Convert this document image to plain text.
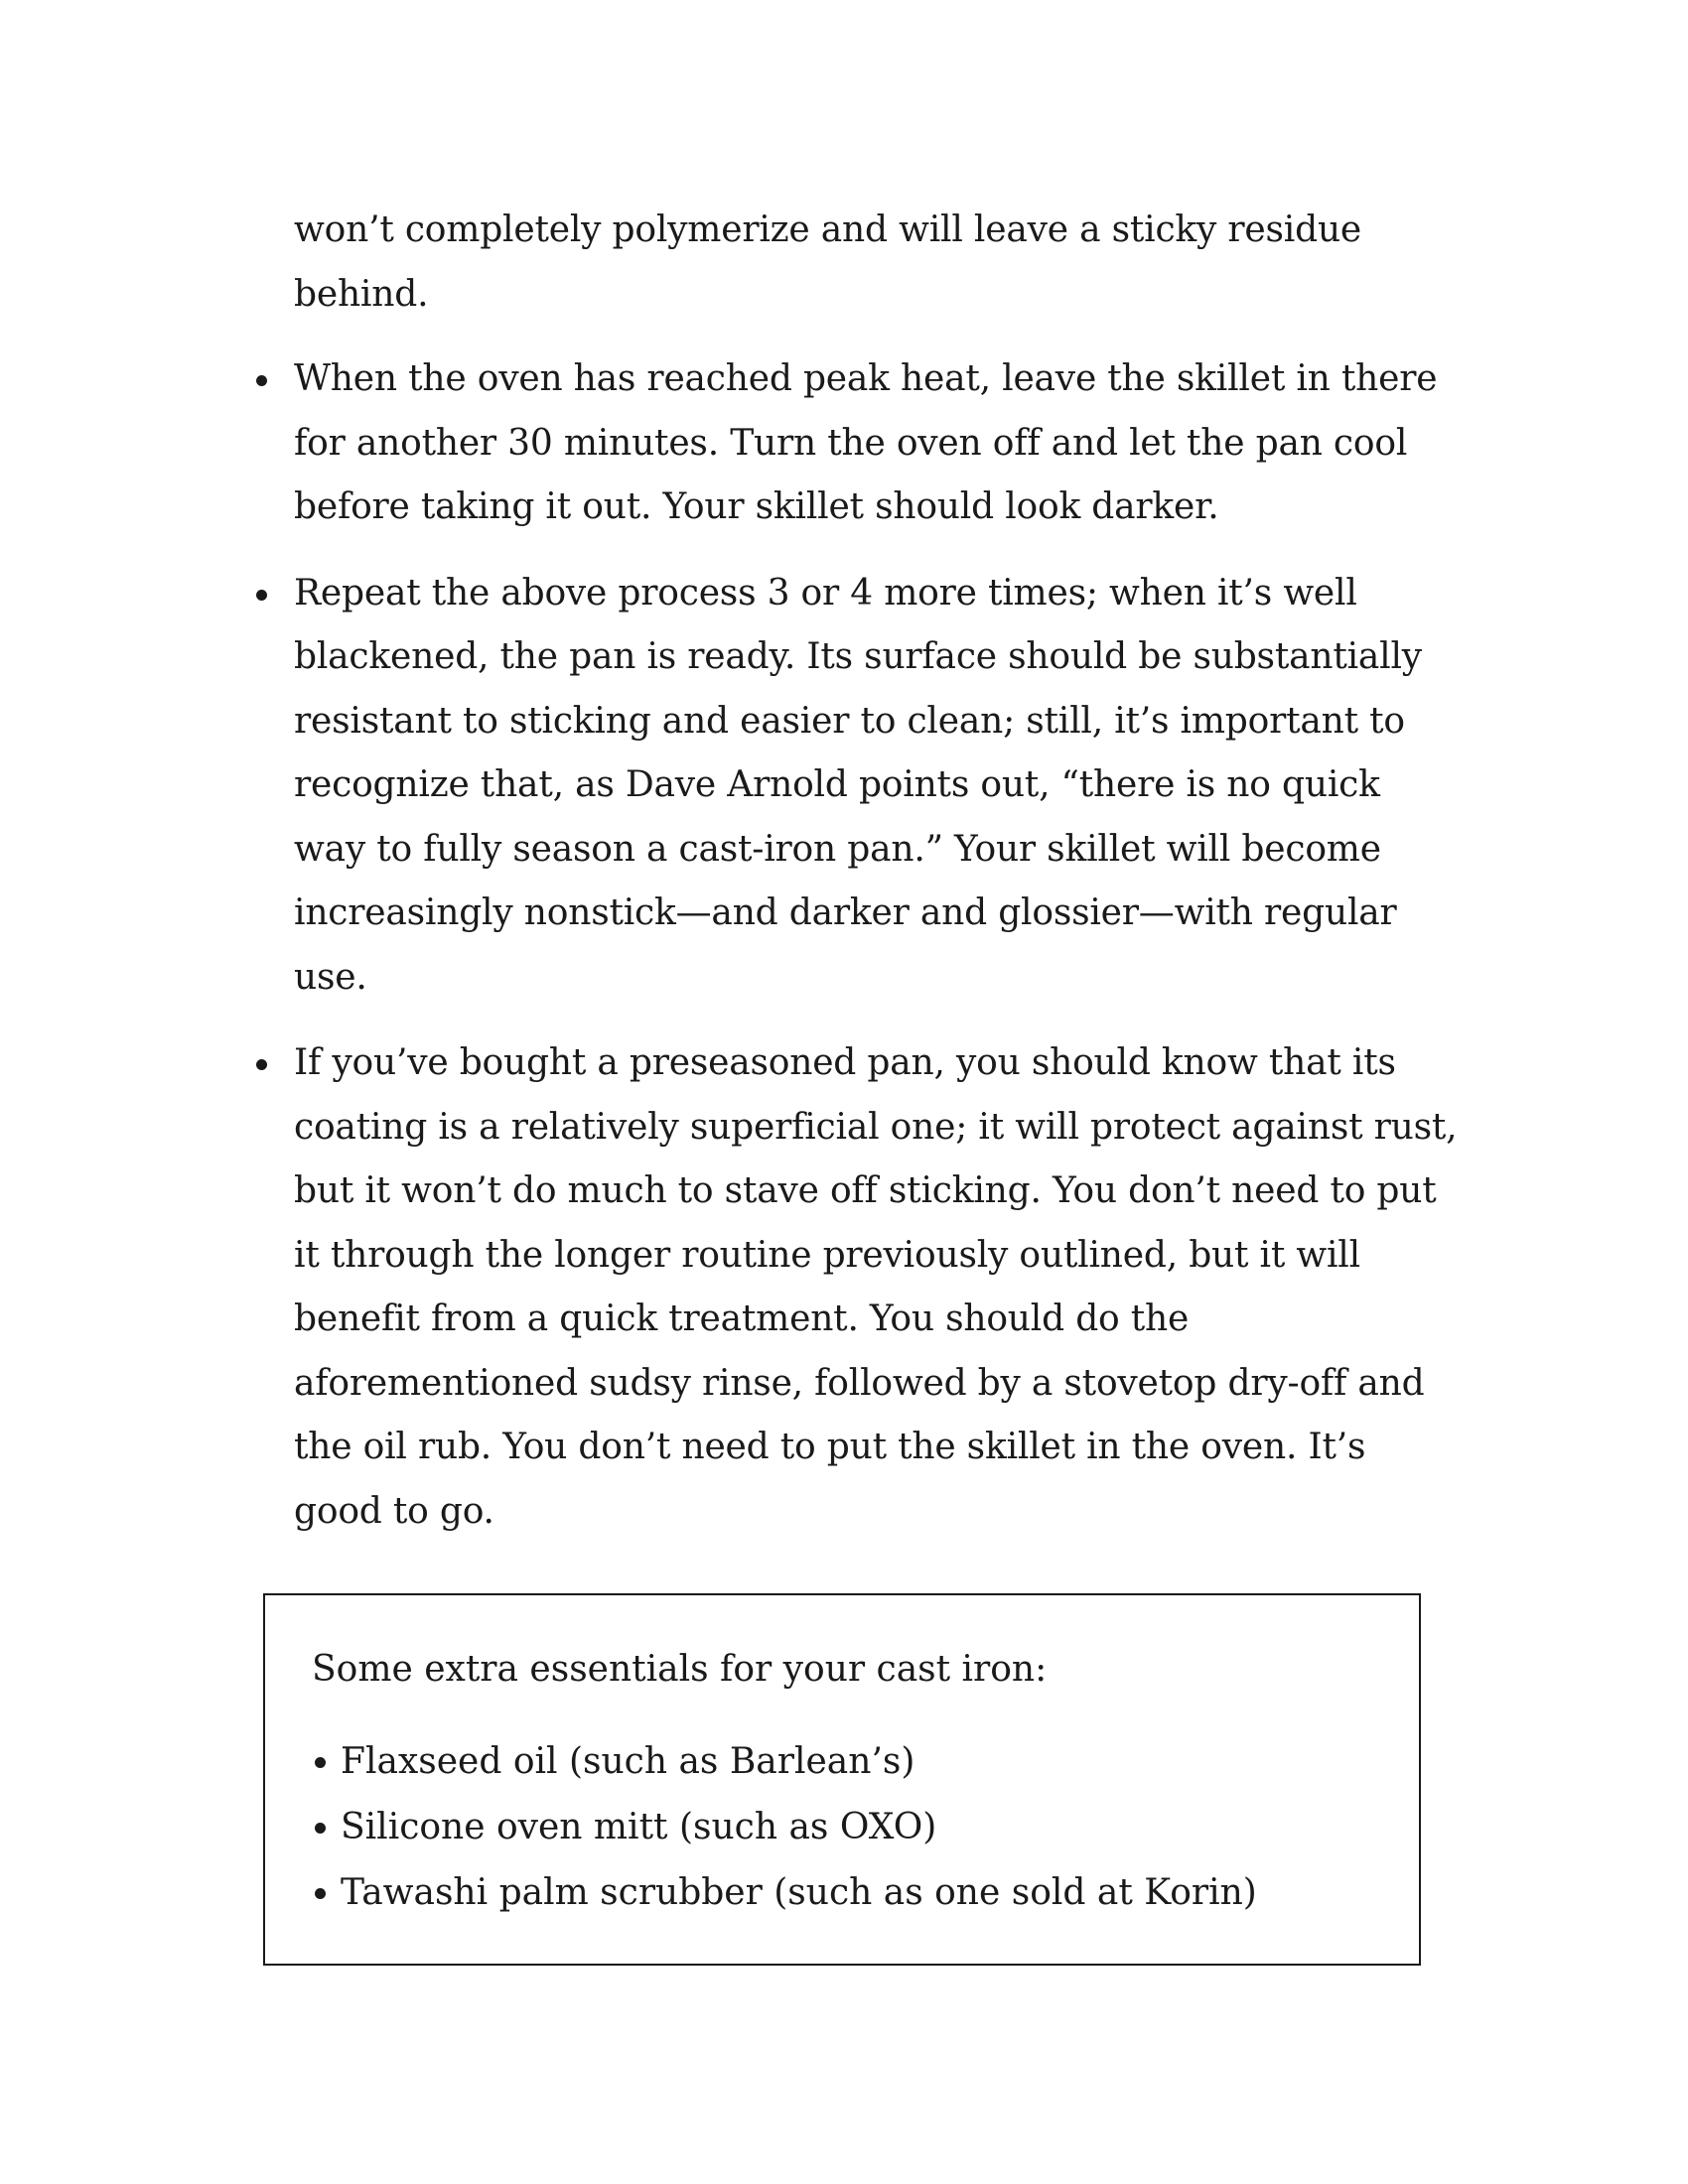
won’t completely polymerize and will leave a sticky residue behind.

When the oven has reached peak heat, leave the skillet in there for another 30 minutes. Turn the oven off and let the pan cool before taking it out. Your skillet should look darker.
Repeat the above process 3 or 4 more times; when it’s well blackened, the pan is ready. Its surface should be substantially resistant to sticking and easier to clean; still, it’s important to recognize that, as Dave Arnold points out, “there is no quick way to fully season a cast-iron pan.” Your skillet will become increasingly nonstick—and darker and glossier—with regular use.
If you’ve bought a preseasoned pan, you should know that its coating is a relatively superficial one; it will protect against rust, but it won’t do much to stave off sticking. You don’t need to put it through the longer routine previously outlined, but it will benefit from a quick treatment. You should do the aforementioned sudsy rinse, followed by a stovetop dry-off and the oil rub. You don’t need to put the skillet in the oven. It’s good to go.
Some extra essentials for your cast iron:
Flaxseed oil (such as Barlean’s)
Silicone oven mitt (such as OXO)
Tawashi palm scrubber (such as one sold at Korin)
